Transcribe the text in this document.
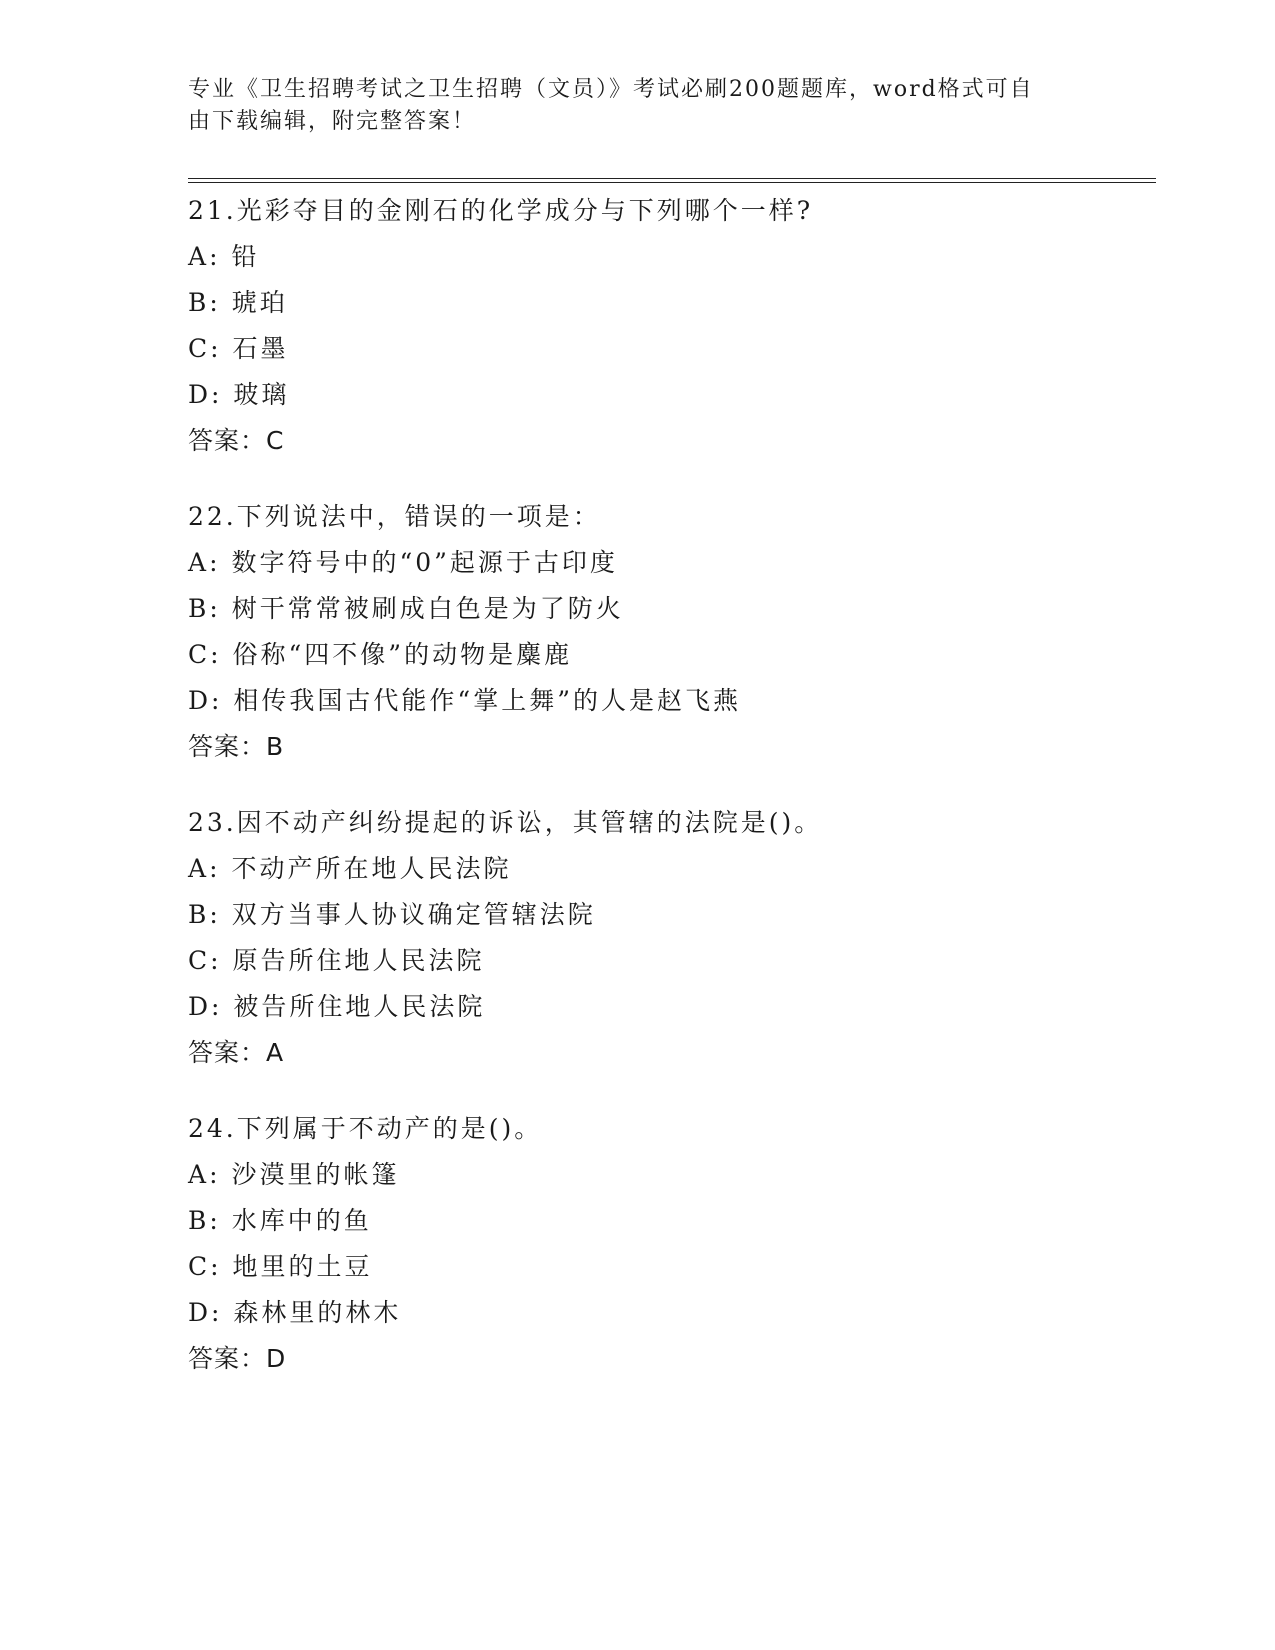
专业《卫生招聘考试之卫生招聘（文员）》考试必刷200题题库，word格式可自
由下载编辑，附完整答案！
21.光彩夺目的金刚石的化学成分与下列哪个一样?
A: 铅
B: 琥珀
C: 石墨
D: 玻璃
答案：C
22.下列说法中，错误的一项是：
A: 数字符号中的“0”起源于古印度
B: 树干常常被刷成白色是为了防火
C: 俗称“四不像”的动物是麋鹿
D: 相传我国古代能作“掌上舞”的人是赵飞燕
答案：B
23.因不动产纠纷提起的诉讼，其管辖的法院是()。
A: 不动产所在地人民法院
B: 双方当事人协议确定管辖法院
C: 原告所住地人民法院
D: 被告所住地人民法院
答案：A
24.下列属于不动产的是()。
A: 沙漠里的帐篷
B: 水库中的鱼
C: 地里的土豆
D: 森林里的林木
答案：D
